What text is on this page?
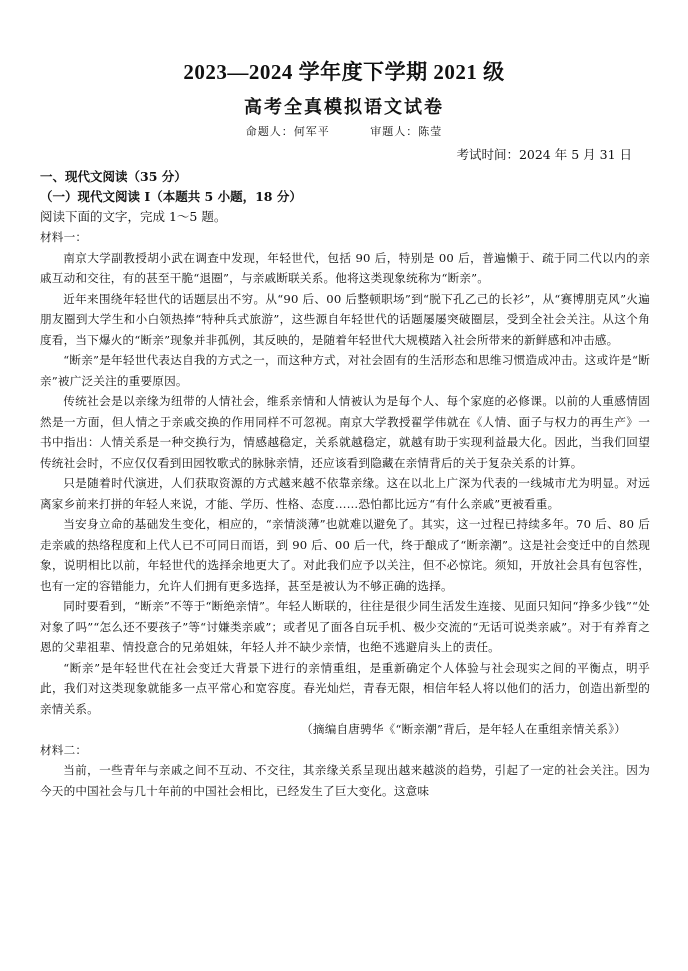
2023—2024 学年度下学期 2021 级
高考全真模拟语文试卷
命题人：何军平	审题人：陈莹
考试时间：2024 年 5 月 31 日
一、现代文阅读（35 分）
（一）现代文阅读 I（本题共 5 小题，18 分）
阅读下面的文字，完成 1～5 题。

材料一：

南京大学副教授胡小武在调查中发现，年轻世代，包括 90 后，特别是 00 后，普遍懒于、疏于同二代以内的亲戚互动和交往，有的甚至干脆“退圈”，与亲戚断联关系。他将这类现象统称为“断亲”。

近年来围绕年轻世代的话题层出不穷。从“90 后、00 后整顿职场”到“脱下孔乙己的长衫”，从“赛博朋克风”火遍朋友圈到大学生和小白领热捧“特种兵式旅游”，这些源自年轻世代的话题屡屡突破圈层，受到全社会关注。从这个角度看，当下爆火的“断亲”现象并非孤例，其反映的，是随着年轻世代大规模踏入社会所带来的新鲜感和冲击感。

“断亲”是年轻世代表达自我的方式之一，而这种方式，对社会固有的生活形态和思维习惯造成冲击。这或许是“断亲”被广泛关注的重要原因。

传统社会是以亲缘为纽带的人情社会，维系亲情和人情被认为是每个人、每个家庭的必修课。以前的人重感情固然是一方面，但人情之于亲戚交换的作用同样不可忽视。南京大学教授翟学伟就在《人情、面子与权力的再生产》一书中指出：人情关系是一种交换行为，情感越稳定，关系就越稳定，就越有助于实现利益最大化。因此，当我们回望传统社会时，不应仅仅看到田园牧歌式的脉脉亲情，还应该看到隐藏在亲情背后的关于复杂关系的计算。

只是随着时代演进，人们获取资源的方式越来越不依靠亲缘。这在以北上广深为代表的一线城市尤为明显。对远离家乡前来打拼的年轻人来说，才能、学历、性格、态度……恐怕都比远方“有什么亲戚”更被看重。

当安身立命的基础发生变化，相应的，“亲情淡薄”也就难以避免了。其实，这一过程已持续多年。70 后、80 后走亲戚的热络程度和上代人已不可同日而语，到 90 后、00 后一代，终于酿成了“断亲潮”。这是社会变迁中的自然现象，说明相比以前，年轻世代的选择余地更大了。对此我们应予以关注，但不必惊诧。须知，开放社会具有包容性，也有一定的容错能力，允许人们拥有更多选择，甚至是被认为不够正确的选择。

同时要看到，“断亲”不等于“断绝亲情”。年轻人断联的，往往是很少同生活发生连接、见面只知问“挣多少钱”“处对象了吗”“怎么还不要孩子”等“讨嫌类亲戚”；或者见了面各自玩手机、极少交流的“无话可说类亲戚”。对于有养育之恩的父辈祖辈、情投意合的兄弟姐妹，年轻人并不缺少亲情，也绝不逃避肩头上的责任。

“断亲”是年轻世代在社会变迁大背景下进行的亲情重组，是重新确定个人体验与社会现实之间的平衡点，明乎此，我们对这类现象就能多一点平常心和宽容度。春光灿烂，青春无限，相信年轻人将以他们的活力，创造出新型的亲情关系。

（摘编自唐骋华《“断亲潮”背后，是年轻人在重组亲情关系》）

材料二：

当前，一些青年与亲戚之间不互动、不交往，其亲缘关系呈现出越来越淡的趋势，引起了一定的社会关注。因为今天的中国社会与几十年前的中国社会相比，已经发生了巨大变化。这意味
